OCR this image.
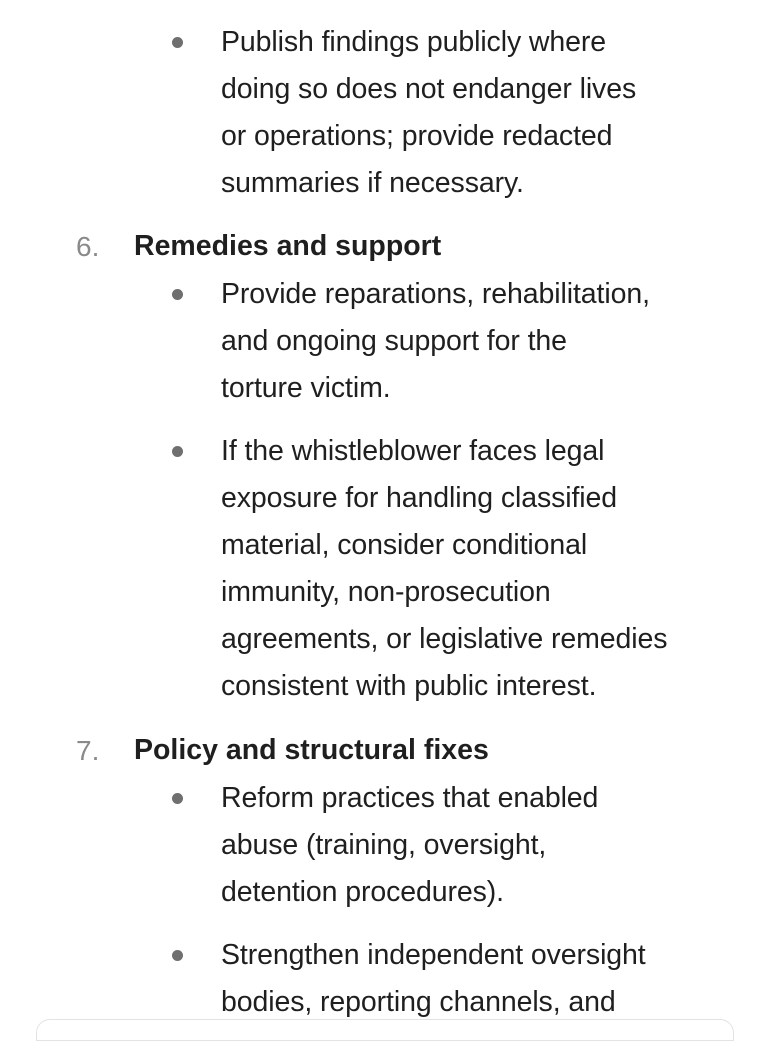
Publish findings publicly where
doing so does not endanger lives
or operations; provide redacted
summaries if necessary.
6. Remedies and support
Provide reparations, rehabilitation,
and ongoing support for the
torture victim.
If the whistleblower faces legal
exposure for handling classified
material, consider conditional
immunity, non-prosecution
agreements, or legislative remedies
consistent with public interest.
7. Policy and structural fixes
Reform practices that enabled
abuse (training, oversight,
detention procedures).
Strengthen independent oversight
bodies, reporting channels, and
